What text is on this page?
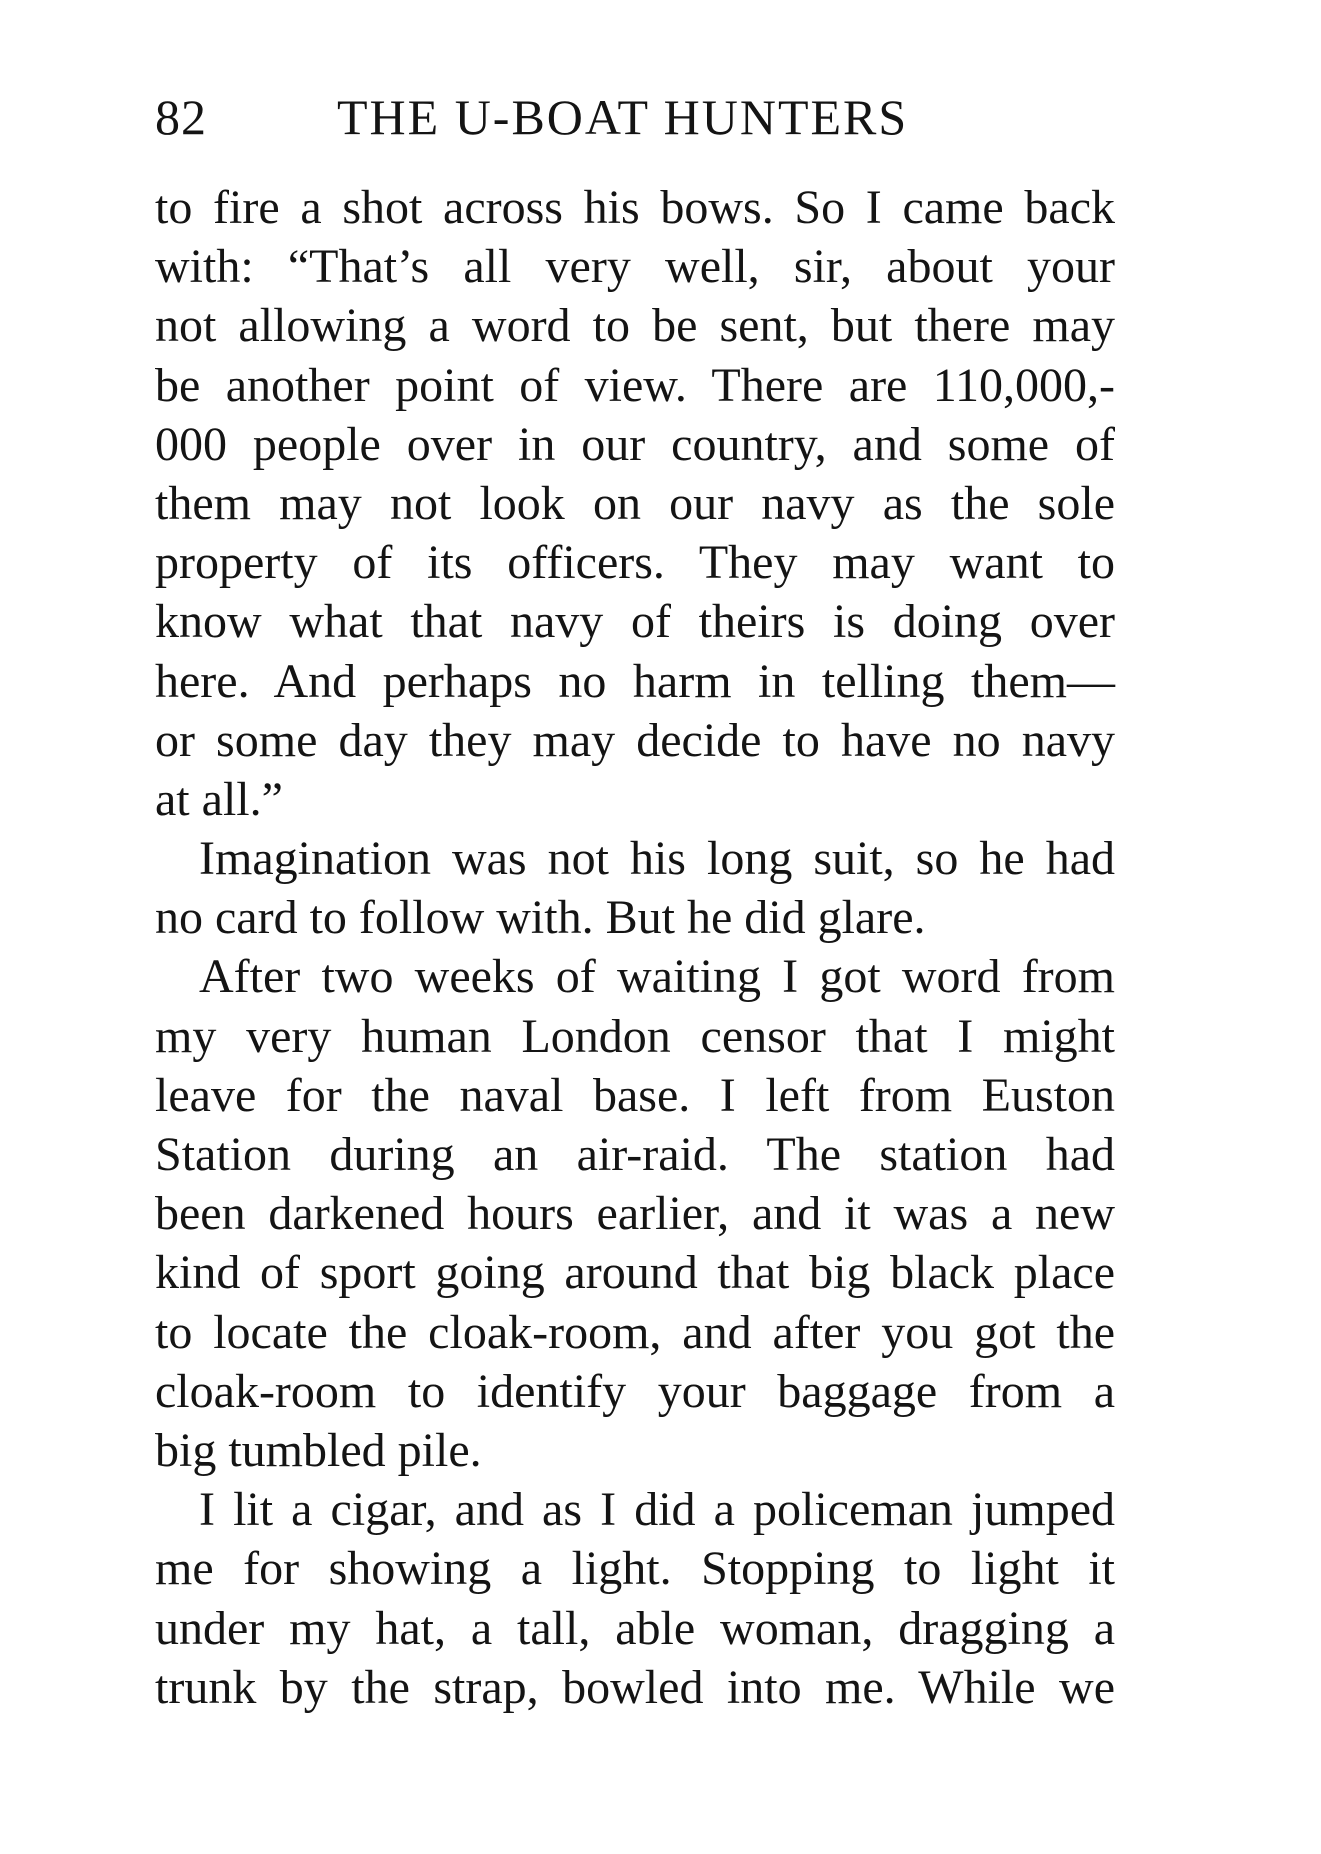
82	THE U-BOAT HUNTERS
to fire a shot across his bows. So I came back
with: “That’s all very well, sir, about your
not allowing a word to be sent, but there may
be another point of view. There are 110,000,-
000 people over in our country, and some of
them may not look on our navy as the sole
property of its officers. They may want to
know what that navy of theirs is doing over
here. And perhaps no harm in telling them—
or some day they may decide to have no navy
at all.”
Imagination was not his long suit, so he had
no card to follow with. But he did glare.
After two weeks of waiting I got word from
my very human London censor that I might
leave for the naval base. I left from Euston
Station during an air-raid. The station had
been darkened hours earlier, and it was a new
kind of sport going around that big black place
to locate the cloak-room, and after you got the
cloak-room to identify your baggage from a
big tumbled pile.
I lit a cigar, and as I did a policeman jumped
me for showing a light. Stopping to light it
under my hat, a tall, able woman, dragging a
trunk by the strap, bowled into me. While we
